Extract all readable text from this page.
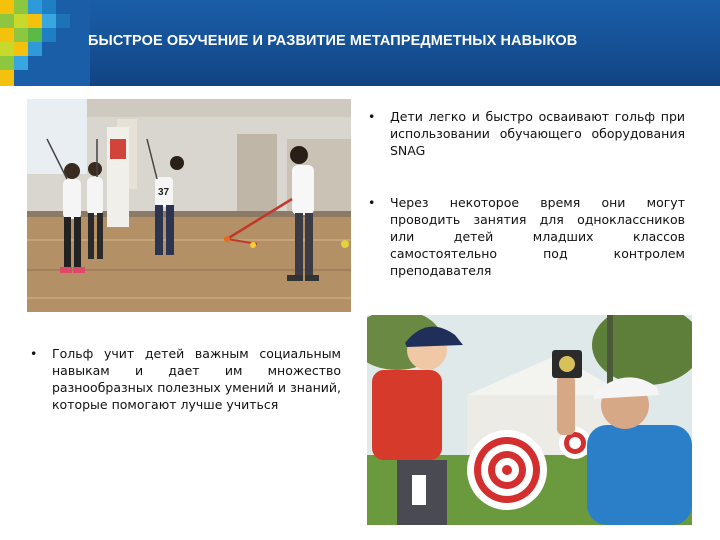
БЫСТРОЕ ОБУЧЕНИЕ И РАЗВИТИЕ МЕТАПРЕДМЕТНЫХ НАВЫКОВ
37
•	Дети легко и быстро осваивают гольф при использовании обучающего оборудования SNAG
•	Через некоторое время они могут проводить занятия для одноклассников или детей младших классов самостоятельно под контролем преподавателя
•	Гольф учит детей важным социальным навыкам и дает им множество разнообразных полезных умений и знаний, которые помогают лучше учиться
